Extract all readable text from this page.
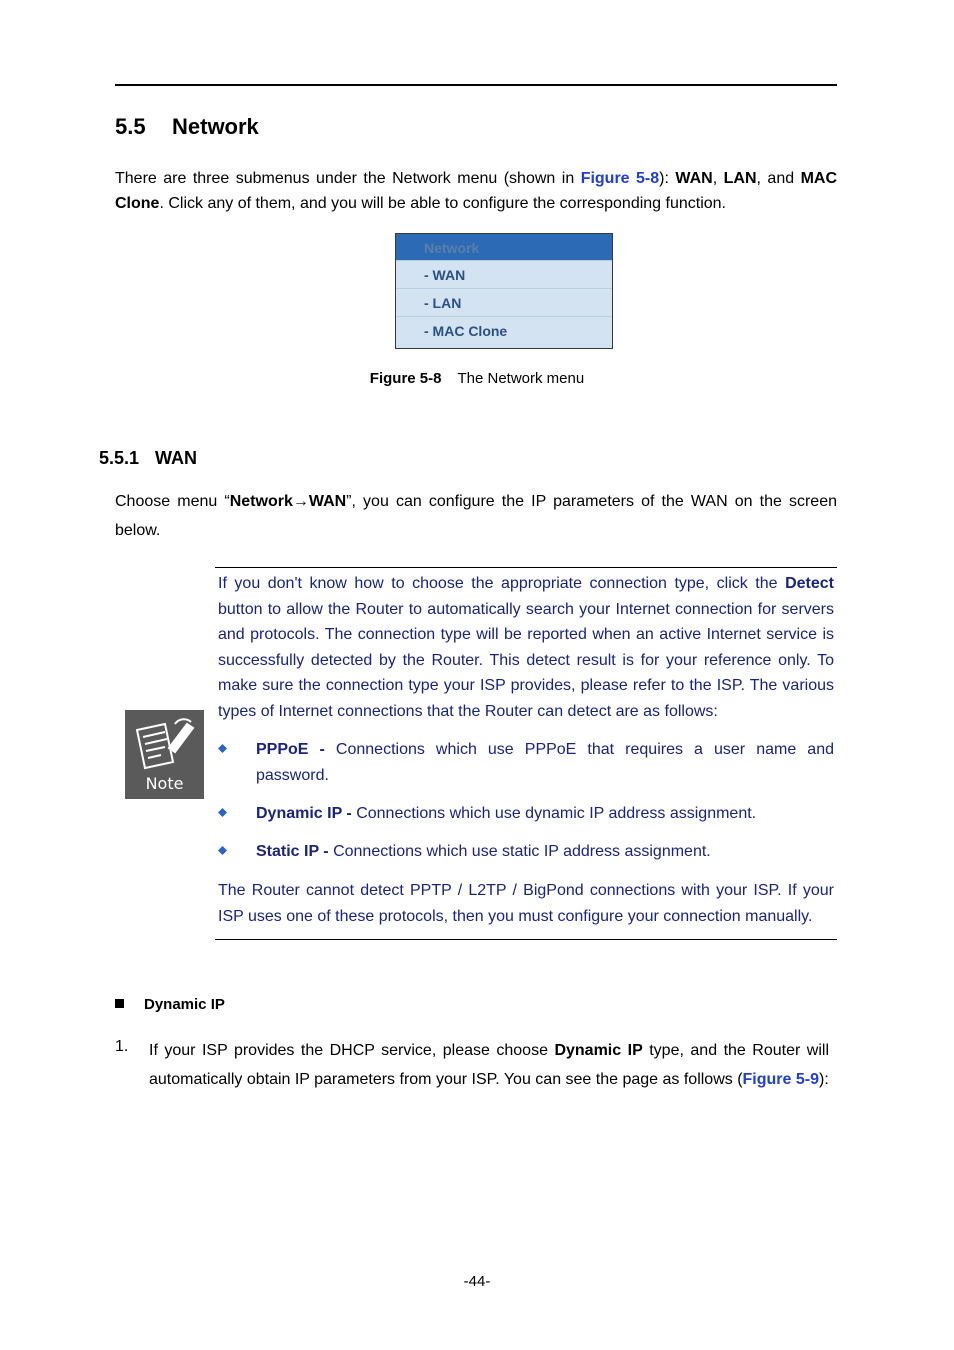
5.5 Network
There are three submenus under the Network menu (shown in Figure 5-8): WAN, LAN, and MAC Clone. Click any of them, and you will be able to configure the corresponding function.
Network
- WAN
- LAN
- MAC Clone
Figure 5-8 The Network menu
5.5.1 WAN
Choose menu “Network→WAN”, you can configure the IP parameters of the WAN on the screen below.
Note
If you don't know how to choose the appropriate connection type, click the Detect button to allow the Router to automatically search your Internet connection for servers and protocols. The connection type will be reported when an active Internet service is successfully detected by the Router. This detect result is for your reference only. To make sure the connection type your ISP provides, please refer to the ISP. The various types of Internet connections that the Router can detect are as follows:
PPPoE - Connections which use PPPoE that requires a user name and password.
Dynamic IP - Connections which use dynamic IP address assignment.
Static IP - Connections which use static IP address assignment.
The Router cannot detect PPTP / L2TP / BigPond connections with your ISP. If your ISP uses one of these protocols, then you must configure your connection manually.
Dynamic IP
1. If your ISP provides the DHCP service, please choose Dynamic IP type, and the Router will automatically obtain IP parameters from your ISP. You can see the page as follows (Figure 5-9):
-44-
